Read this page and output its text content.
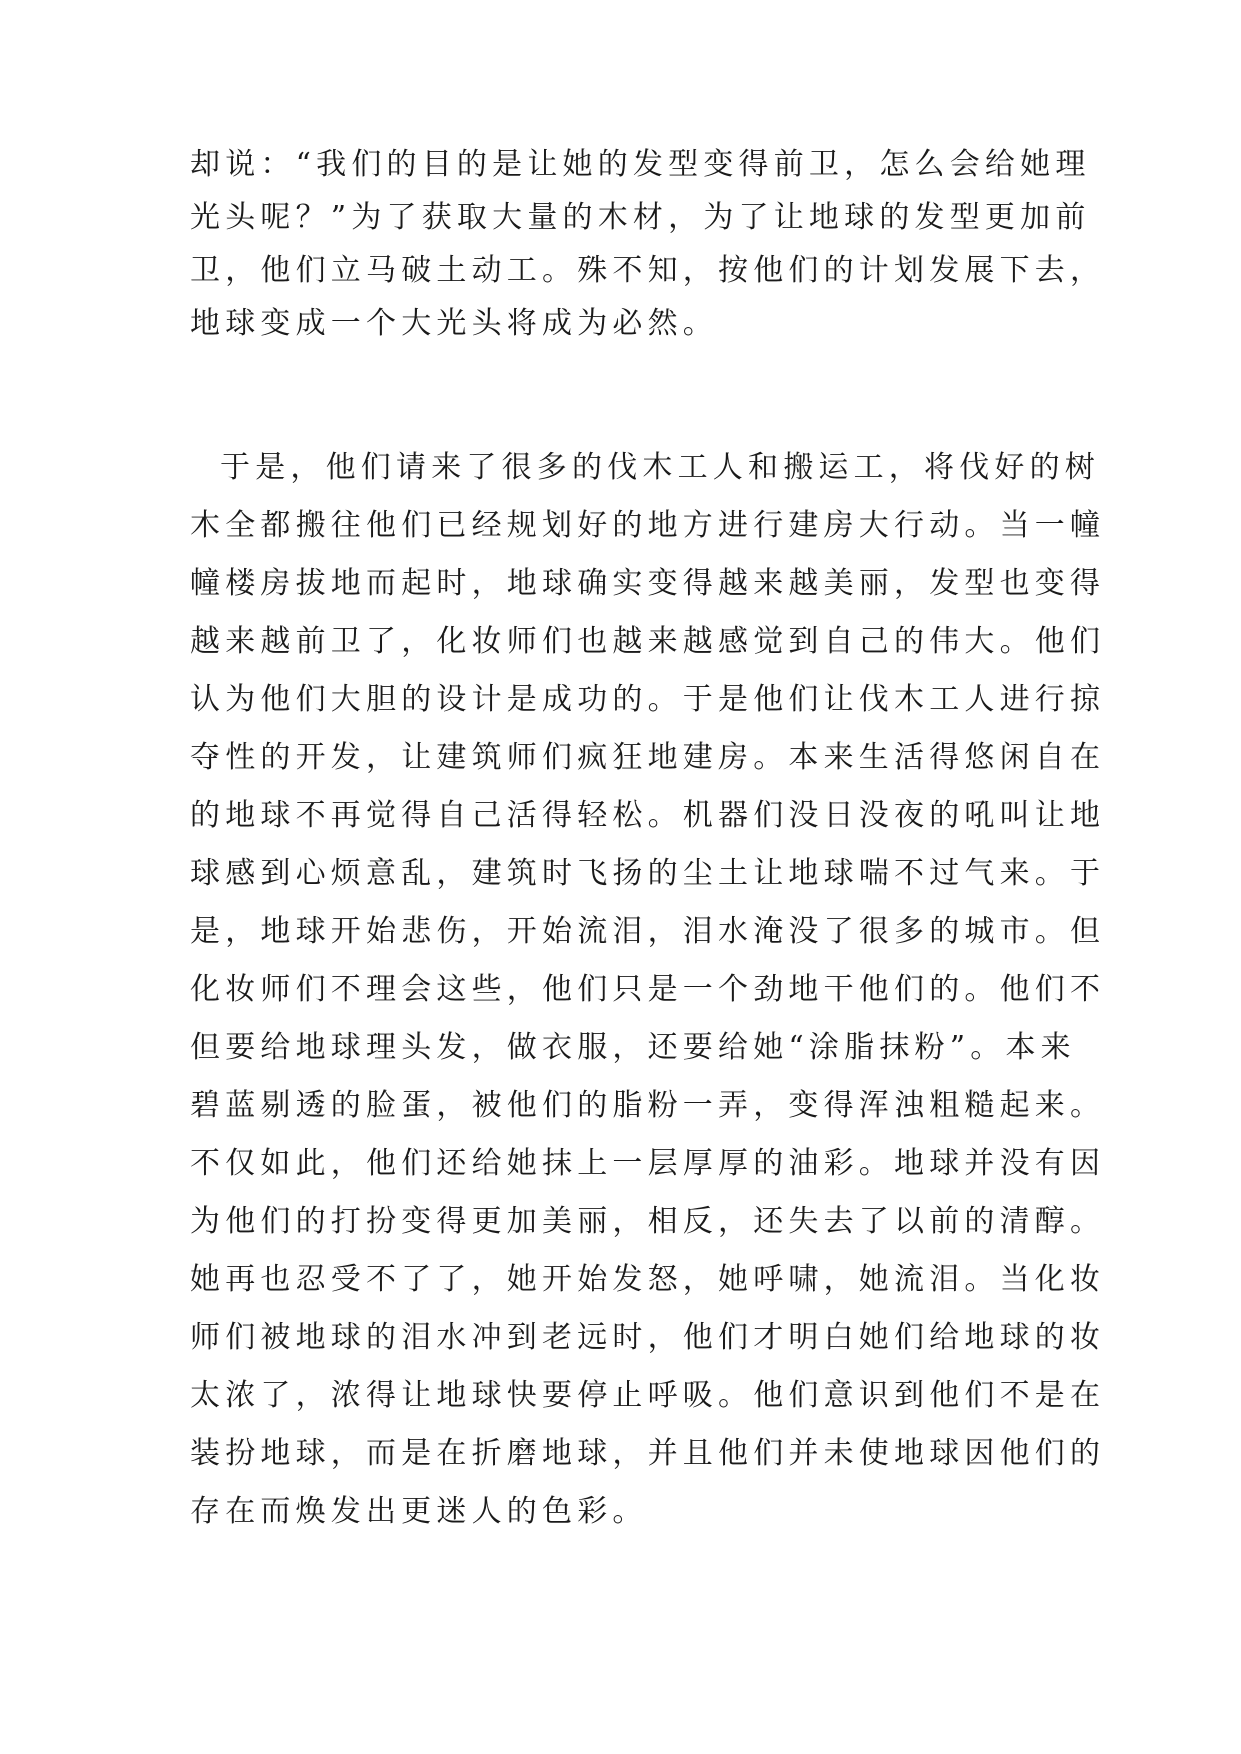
却说：“我们的目的是让她的发型变得前卫，怎么会给她理
光头呢？”为了获取大量的木材，为了让地球的发型更加前
卫，他们立马破土动工。殊不知，按他们的计划发展下去，
地球变成一个大光头将成为必然。
于是，他们请来了很多的伐木工人和搬运工，将伐好的树
木全都搬往他们已经规划好的地方进行建房大行动。当一幢
幢楼房拔地而起时，地球确实变得越来越美丽，发型也变得
越来越前卫了，化妆师们也越来越感觉到自己的伟大。他们
认为他们大胆的设计是成功的。于是他们让伐木工人进行掠
夺性的开发，让建筑师们疯狂地建房。本来生活得悠闲自在
的地球不再觉得自己活得轻松。机器们没日没夜的吼叫让地
球感到心烦意乱，建筑时飞扬的尘土让地球喘不过气来。于
是，地球开始悲伤，开始流泪，泪水淹没了很多的城市。但
化妆师们不理会这些，他们只是一个劲地干他们的。他们不
但要给地球理头发，做衣服，还要给她“涂脂抹粉”。本来
碧蓝剔透的脸蛋，被他们的脂粉一弄，变得浑浊粗糙起来。
不仅如此，他们还给她抹上一层厚厚的油彩。地球并没有因
为他们的打扮变得更加美丽，相反，还失去了以前的清醇。
她再也忍受不了了，她开始发怒，她呼啸，她流泪。当化妆
师们被地球的泪水冲到老远时，他们才明白她们给地球的妆
太浓了，浓得让地球快要停止呼吸。他们意识到他们不是在
装扮地球，而是在折磨地球，并且他们并未使地球因他们的
存在而焕发出更迷人的色彩。
